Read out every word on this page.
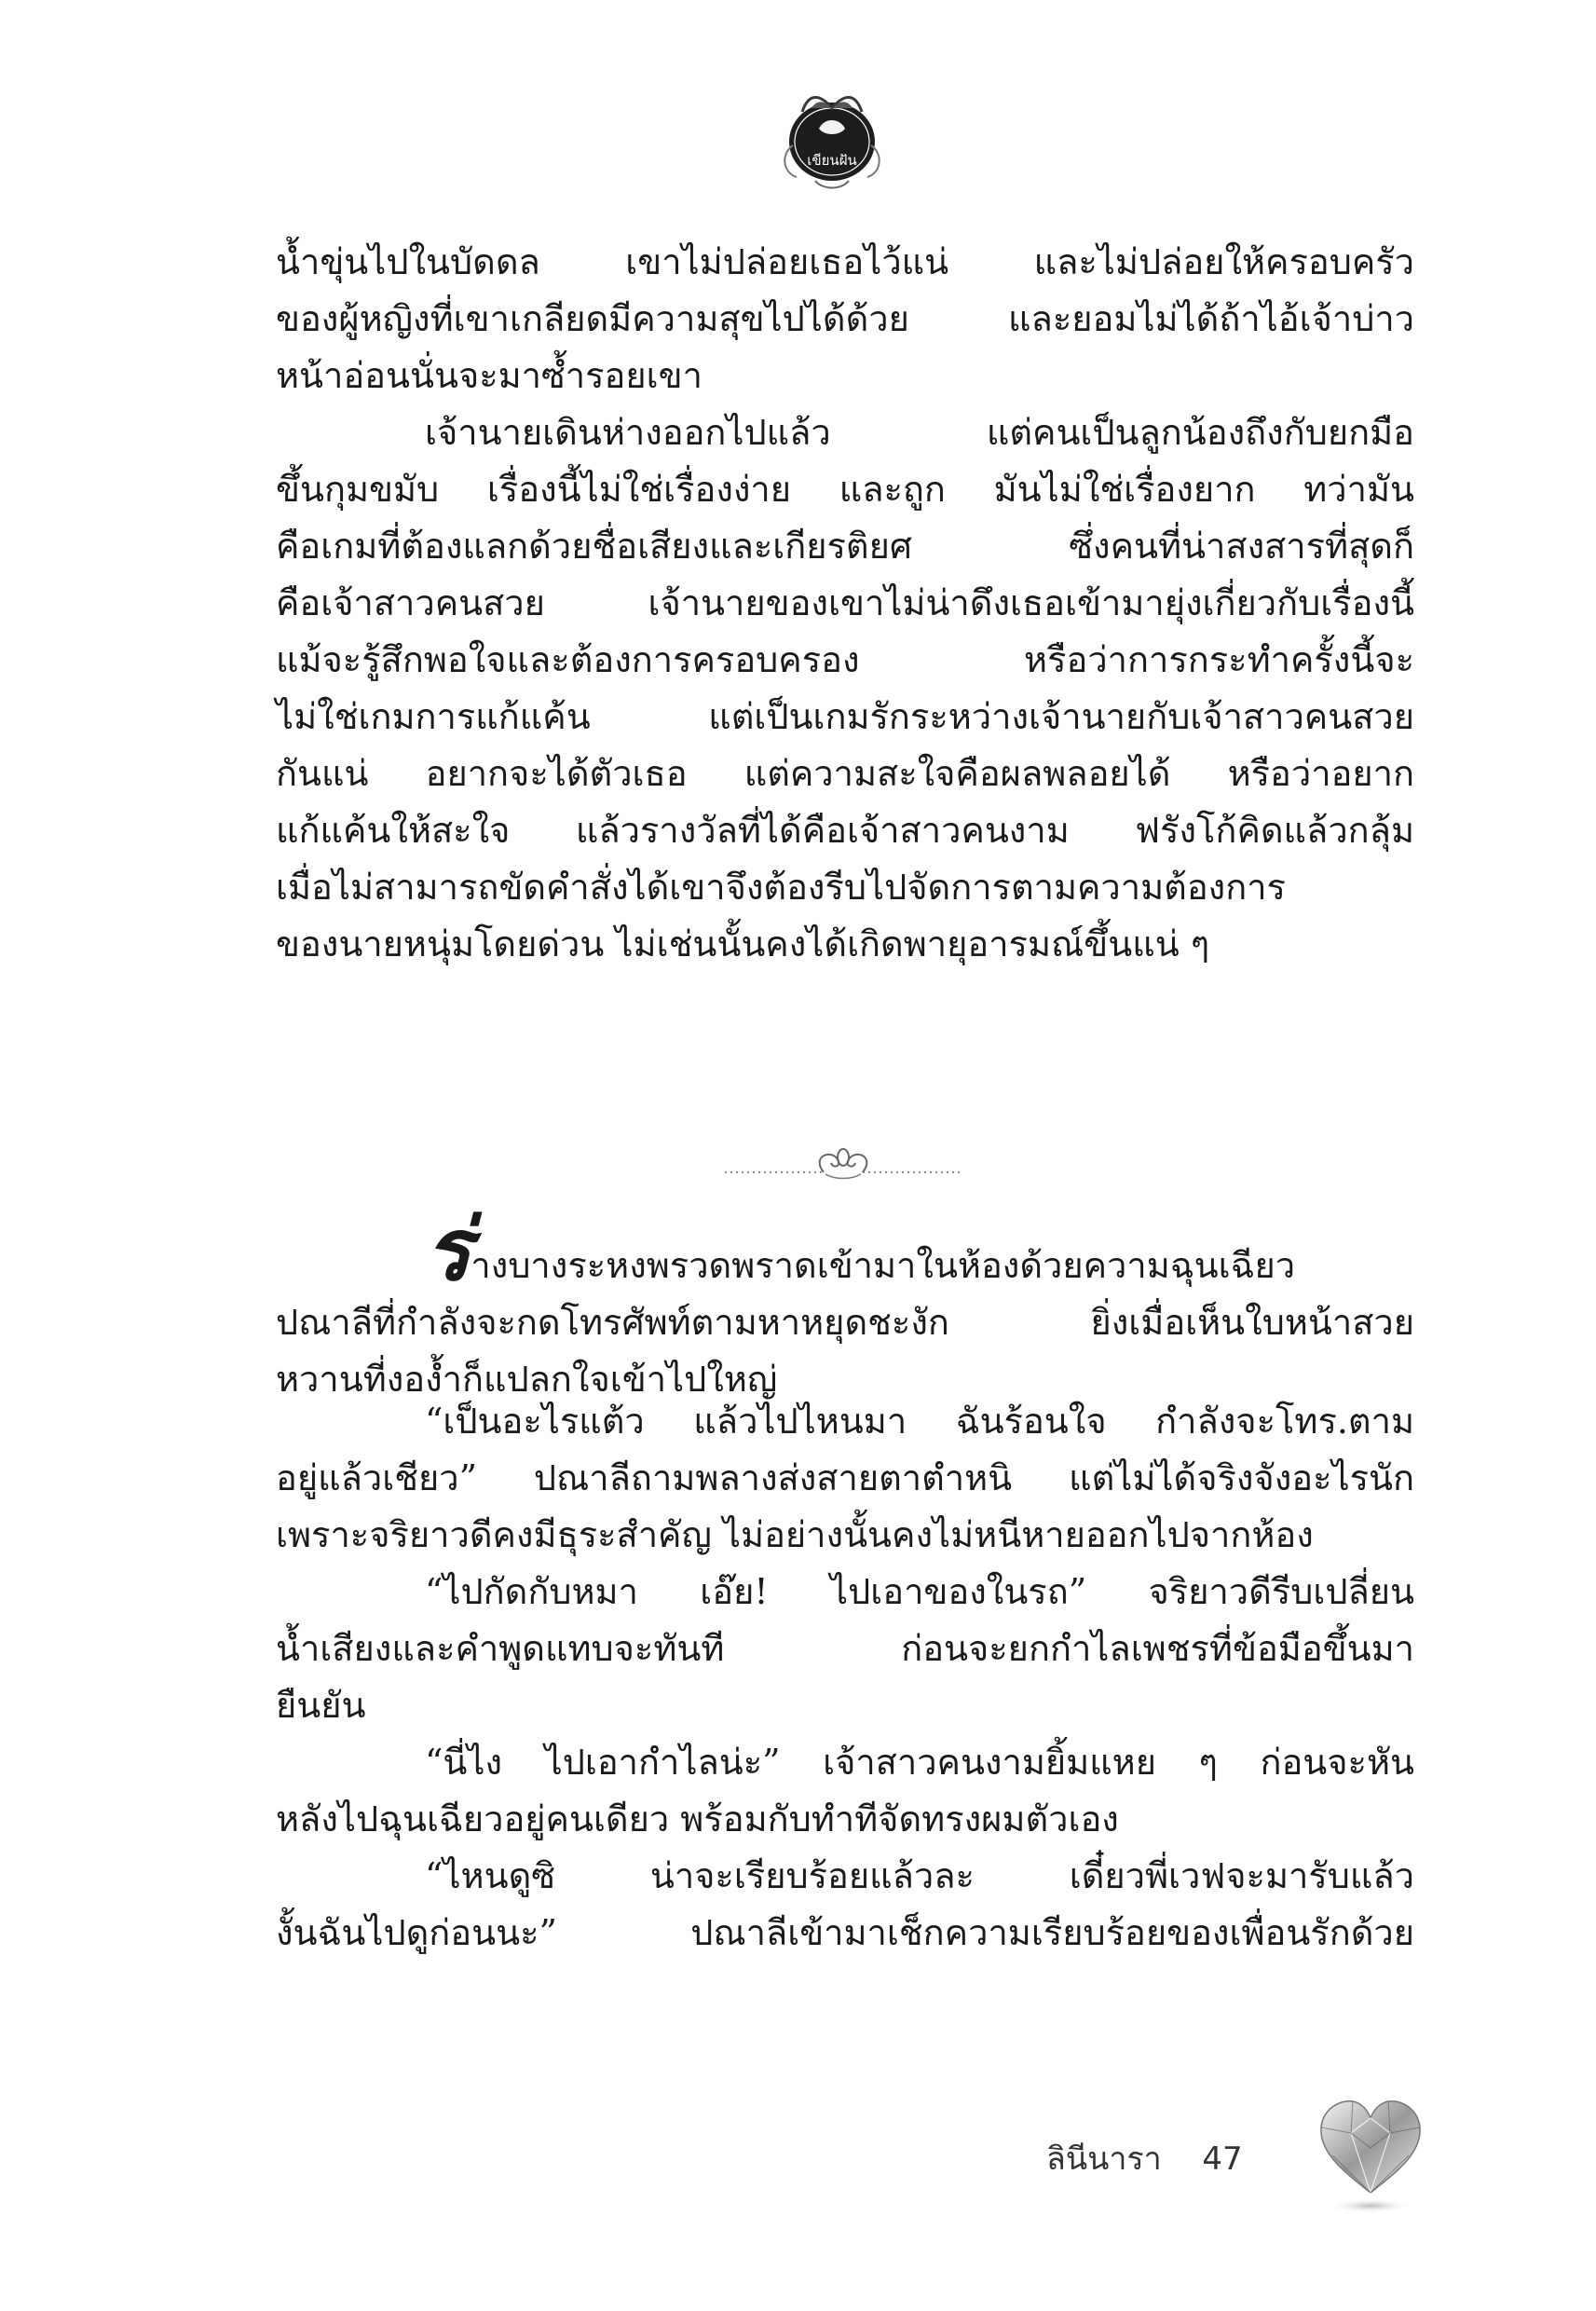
เขียนฝัน
น้ำขุ่นไปในบัดดล เขาไม่ปล่อยเธอไว้แน่ และไม่ปล่อยให้ครอบครัว
ของผู้หญิงที่เขาเกลียดมีความสุขไปได้ด้วย และยอมไม่ได้ถ้าไอ้เจ้าบ่าว
หน้าอ่อนนั่นจะมาซ้ำรอยเขา
เจ้านายเดินห่างออกไปแล้ว แต่คนเป็นลูกน้องถึงกับยกมือ
ขึ้นกุมขมับ เรื่องนี้ไม่ใช่เรื่องง่าย และถูก มันไม่ใช่เรื่องยาก ทว่ามัน
คือเกมที่ต้องแลกด้วยชื่อเสียงและเกียรติยศ ซึ่งคนที่น่าสงสารที่สุดก็
คือเจ้าสาวคนสวย เจ้านายของเขาไม่น่าดึงเธอเข้ามายุ่งเกี่ยวกับเรื่องนี้
แม้จะรู้สึกพอใจและต้องการครอบครอง หรือว่าการกระทำครั้งนี้จะ
ไม่ใช่เกมการแก้แค้น แต่เป็นเกมรักระหว่างเจ้านายกับเจ้าสาวคนสวย
กันแน่ อยากจะได้ตัวเธอ แต่ความสะใจคือผลพลอยได้ หรือว่าอยาก
แก้แค้นให้สะใจ แล้วรางวัลที่ได้คือเจ้าสาวคนงาม ฟรังโก้คิดแล้วกลุ้ม
เมื่อไม่สามารถขัดคำสั่งได้เขาจึงต้องรีบไปจัดการตามความต้องการ
ของนายหนุ่มโดยด่วน ไม่เช่นนั้นคงได้เกิดพายุอารมณ์ขึ้นแน่ ๆ
ร่างบางระหงพรวดพราดเข้ามาในห้องด้วยความฉุนเฉียว
ปณาลีที่กำลังจะกดโทรศัพท์ตามหาหยุดชะงัก ยิ่งเมื่อเห็นใบหน้าสวย
หวานที่งอง้ำก็แปลกใจเข้าไปใหญ่
“เป็นอะไรแต้ว แล้วไปไหนมา ฉันร้อนใจ กำลังจะโทร.ตาม
อยู่แล้วเชียว” ปณาลีถามพลางส่งสายตาตำหนิ แต่ไม่ได้จริงจังอะไรนัก
เพราะจริยาวดีคงมีธุระสำคัญ ไม่อย่างนั้นคงไม่หนีหายออกไปจากห้อง
“ไปกัดกับหมา เอ๊ย! ไปเอาของในรถ” จริยาวดีรีบเปลี่ยน
น้ำเสียงและคำพูดแทบจะทันที ก่อนจะยกกำไลเพชรที่ข้อมือขึ้นมา
ยืนยัน
“นี่ไง ไปเอากำไลน่ะ” เจ้าสาวคนงามยิ้มแหย ๆ ก่อนจะหัน
หลังไปฉุนเฉียวอยู่คนเดียว พร้อมกับทำทีจัดทรงผมตัวเอง
“ไหนดูซิ น่าจะเรียบร้อยแล้วละ เดี๋ยวพี่เวฟจะมารับแล้ว
งั้นฉันไปดูก่อนนะ” ปณาลีเข้ามาเช็กความเรียบร้อยของเพื่อนรักด้วย
ลินีนารา 47
